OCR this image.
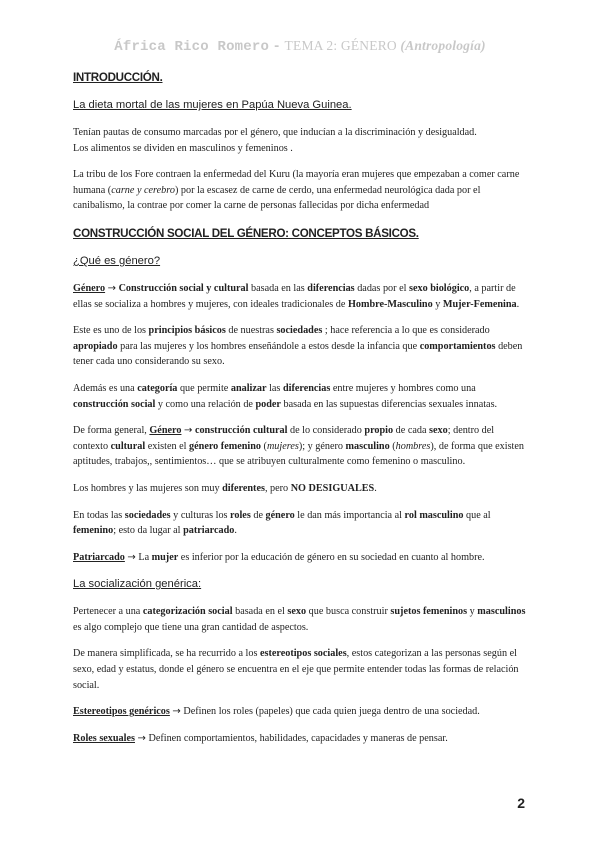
África Rico Romero - TEMA 2: GÉNERO (Antropología)

INTRODUCCIÓN.

La dieta mortal de las mujeres en Papúa Nueva Guinea.

Tenían pautas de consumo marcadas por el género, que inducían a la discriminación y desigualdad.
Los alimentos se dividen en masculinos y femeninos .

La tribu de los Fore contraen la enfermedad del Kuru (la mayoría eran mujeres que empezaban a comer carne humana (carne y cerebro) por la escasez de carne de cerdo, una enfermedad neurológica dada por el canibalismo, la contrae por comer la carne de personas fallecidas por dicha enfermedad

CONSTRUCCIÓN SOCIAL DEL GÉNERO: CONCEPTOS BÁSICOS.

¿Qué es género?

Género → Construcción social y cultural basada en las diferencias dadas por el sexo biológico, a partir de ellas se socializa a hombres y mujeres, con ideales tradicionales de Hombre-Masculino y Mujer-Femenina.

Este es uno de los principios básicos de nuestras sociedades ; hace referencia a lo que es considerado apropiado para las mujeres y los hombres enseñándole a estos desde la infancia que comportamientos deben tener cada uno considerando su sexo.

Además es una categoría que permite analizar las diferencias entre mujeres y hombres como una construcción social y como una relación de poder basada en las supuestas diferencias sexuales innatas.

De forma general, Género → construcción cultural de lo considerado propio de cada sexo; dentro del contexto cultural existen el género femenino (mujeres); y género masculino (hombres), de forma que existen aptitudes, trabajos,, sentimientos… que se atribuyen culturalmente como femenino o masculino.

Los hombres y las mujeres son muy diferentes, pero NO DESIGUALES.

En todas las sociedades y culturas los roles de género le dan más importancia al rol masculino que al femenino; esto da lugar al patriarcado.

Patriarcado → La mujer es inferior por la educación de género en su sociedad en cuanto al hombre.

La socialización genérica:

Pertenecer a una categorización social basada en el sexo que busca construir sujetos femeninos y masculinos es algo complejo que tiene una gran cantidad de aspectos.

De manera simplificada, se ha recurrido a los estereotipos sociales, estos categorizan a las personas según el sexo, edad y estatus, donde el género se encuentra en el eje que permite entender todas las formas de relación social.

Estereotipos genéricos → Definen los roles (papeles) que cada quien juega dentro de una sociedad.

Roles sexuales → Definen comportamientos, habilidades, capacidades y maneras de pensar.

2
